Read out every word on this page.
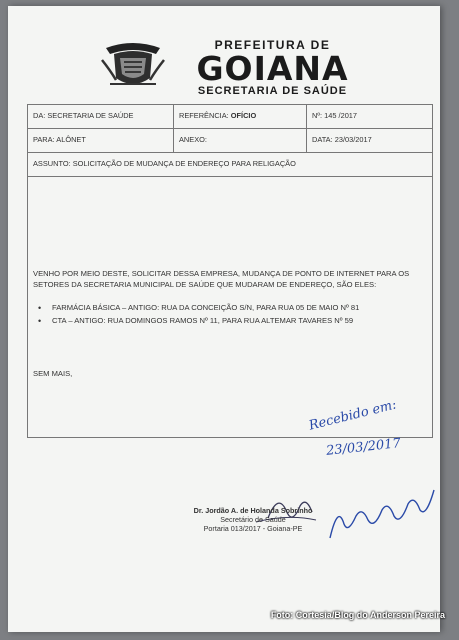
PREFEITURA DE
GOIANA
SECRETARIA DE SAÚDE
DA: SECRETARIA DE SAÚDE	REFERÊNCIA: OFÍCIO	Nº: 145 /2017
PARA: ALÔNET	ANEXO:	DATA: 23/03/2017
ASSUNTO: SOLICITAÇÃO DE MUDANÇA DE ENDEREÇO PARA RELIGAÇÃO
VENHO POR MEIO DESTE, SOLICITAR DESSA EMPRESA, MUDANÇA DE PONTO DE INTERNET PARA OS SETORES DA SECRETARIA MUNICIPAL DE SAÚDE QUE MUDARAM DE ENDEREÇO, SÃO ELES:
• FARMÁCIA BÁSICA – ANTIGO: RUA DA CONCEIÇÃO S/N, PARA RUA 05 DE MAIO Nº 81
• CTA – ANTIGO: RUA DOMINGOS RAMOS Nº 11, PARA RUA ALTEMAR TAVARES Nº 59
SEM MAIS,
Dr. Jordão A. de Holanda Sobrinho
Secretário de Saúde
Portaria 013/2017 - Goiana-PE
Recebido em:
23/03/2017
Foto: Cortesia/Blog do Anderson Pereira
